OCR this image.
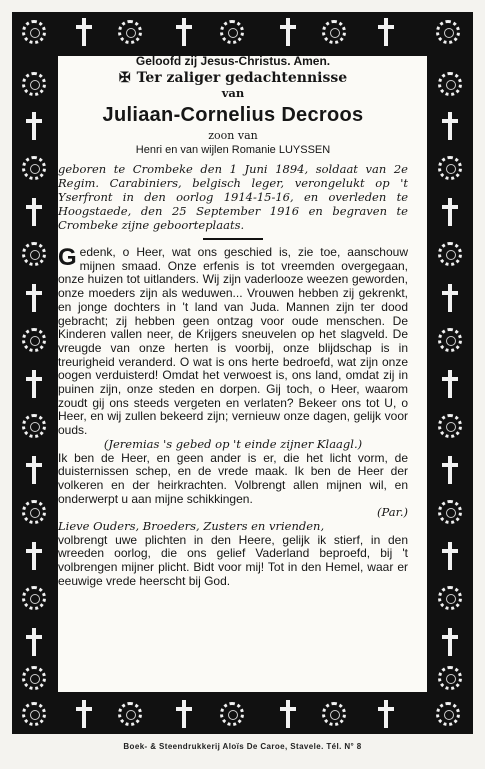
Geloofd zij Jesus-Christus. Amen.
✠ Ter zaliger gedachtennisse
van
Juliaan-Cornelius Decroos
zoon van
Henri en van wijlen Romanie LUYSSEN
geboren te Crombeke den 1 Juni 1894, soldaat van 2e Regim. Carabiniers, belgisch leger, verongelukt op 't Yserfront in den oorlog 1914-15-16, en overleden te Hoogstaede, den 25 September 1916 en begraven te Crombeke zijne geboorteplaats.

Gedenk, o Heer, wat ons geschied is, zie toe, aanschouw mijnen smaad. Onze erfenis is tot vreemden overgegaan, onze huizen tot uitlanders. Wij zijn vaderlooze weezen geworden, onze moeders zijn als weduwen... Vrouwen hebben zij gekrenkt, en jonge dochters in 't land van Juda. Mannen zijn ter dood gebracht; zij hebben geen ontzag voor oude menschen. De Kinderen vallen neer, de Krijgers sneuvelen op het slagveld. De vreugde van onze herten is voorbij, onze blijdschap is in treurigheid veranderd. O wat is ons herte bedroefd, wat zijn onze oogen verduisterd! Omdat het verwoest is, ons land, omdat zij in puinen zijn, onze steden en dorpen. Gij toch, o Heer, waarom zoudt gij ons steeds vergeten en verlaten? Bekeer ons tot U, o Heer, en wij zullen bekeerd zijn; vernieuw onze dagen, gelijk voor ouds.

(Jeremias 's gebed op 't einde zijner Klaagl.)

Ik ben de Heer, en geen ander is er, die het licht vorm, de duisternissen schep, en de vrede maak. Ik ben de Heer der volkeren en der heirkrachten. Volbrengt allen mijnen wil, en onderwerpt u aan mijne schikkingen.

(Par.)

Lieve Ouders, Broeders, Zusters en vrienden,

volbrengt uwe plichten in den Heere, gelijk ik stierf, in den wreeden oorlog, die ons gelief Vaderland beproefd, bij 't volbrengen mijner plicht. Bidt voor mij! Tot in den Hemel, waar er eeuwige vrede heerscht bij God.

Boek- & Steendrukkerij Aloïs De Caroe, Stavele. Tél. N° 8
